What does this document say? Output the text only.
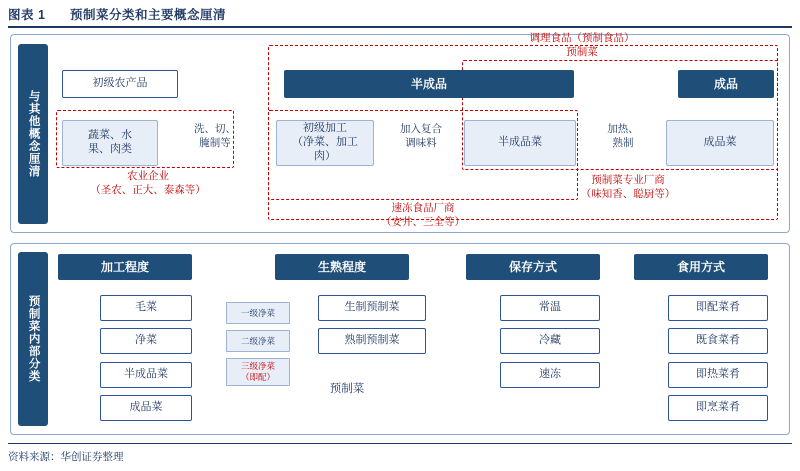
图表 1 预制菜分类和主要概念厘清
与其他概念厘清
调理食品（预制食品）
预制菜
农业企业
（圣农、正大、泰森等）
速冻食品厂商
（安井、三全等）
预制菜专业厂商
（味知香、聪厨等）
初级农产品	半成品	成品
蔬菜、水
果、肉类
初级加工
（净菜、加工
肉）
半成品菜	成品菜
洗、切、
腌制等
加入复合
调味料
加热、
熟制
预制菜内部分类
加工程度
毛菜
净菜
半成品菜
成品菜
一级净菜
二级净菜
三级净菜
（即配）
预制菜
生熟程度
生制预制菜
熟制预制菜
保存方式
常温
冷藏
速冻
食用方式
即配菜肴
既食菜肴
即热菜肴
即烹菜肴
资料来源：华创证券整理
